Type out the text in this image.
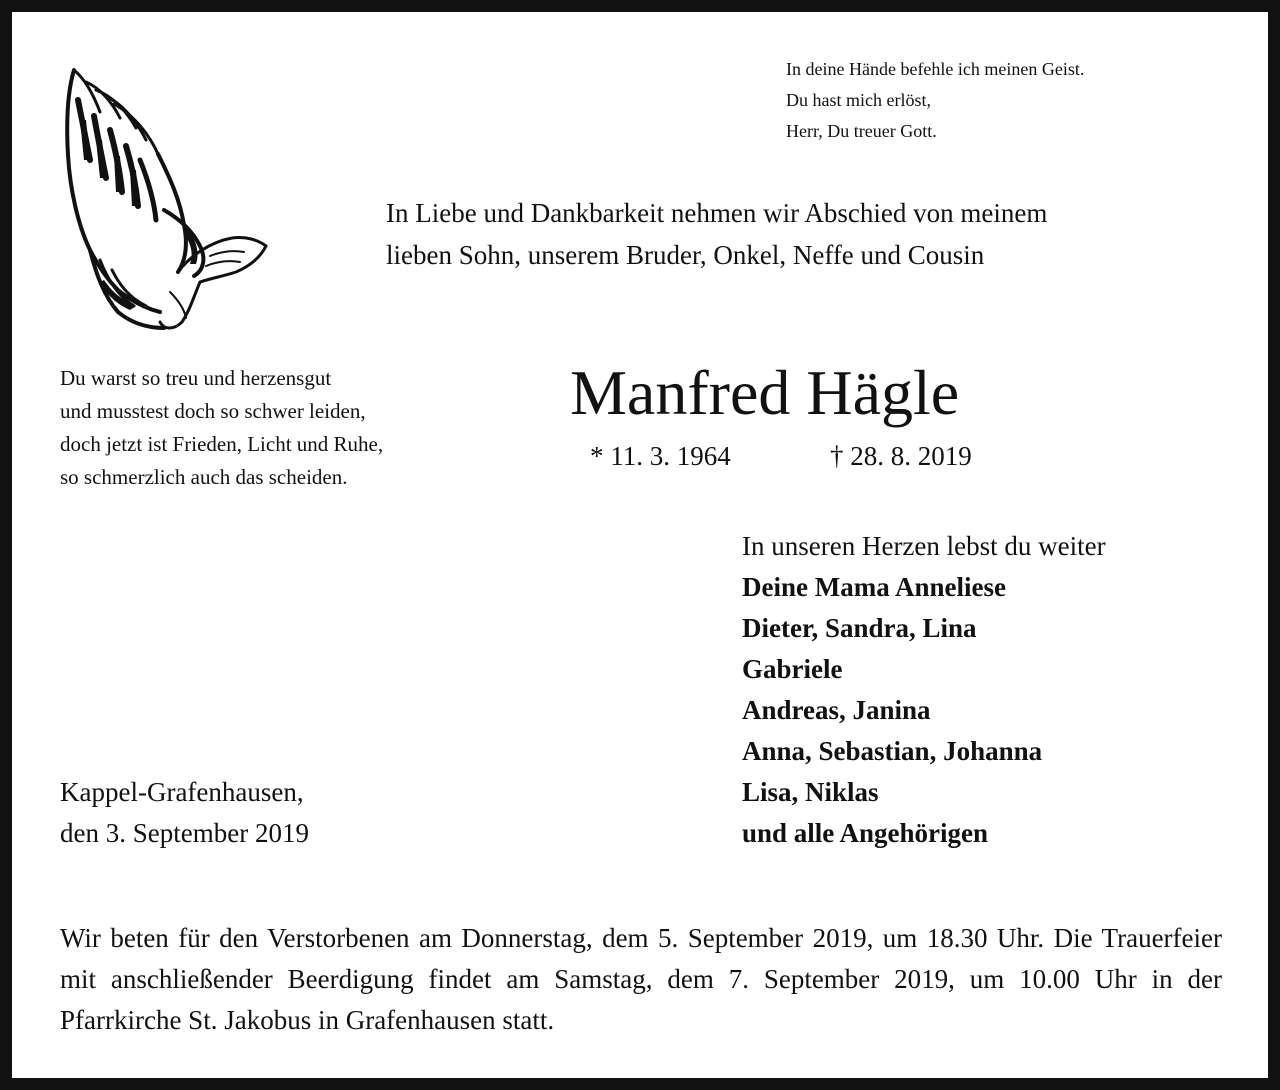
In deine Hände befehle ich meinen Geist.
Du hast mich erlöst,
Herr, Du treuer Gott.
In Liebe und Dankbarkeit nehmen wir Abschied von meinem
lieben Sohn, unserem Bruder, Onkel, Neffe und Cousin
Du warst so treu und herzensgut
und musstest doch so schwer leiden,
doch jetzt ist Frieden, Licht und Ruhe,
so schmerzlich auch das scheiden.
Manfred Hägle
* 11. 3. 1964	† 28. 8. 2019
In unseren Herzen lebst du weiter
Deine Mama Anneliese
Dieter, Sandra, Lina
Gabriele
Andreas, Janina
Anna, Sebastian, Johanna
Lisa, Niklas
und alle Angehörigen
Kappel-Grafenhausen,
den 3. September 2019
Wir beten für den Verstorbenen am Donnerstag, dem 5. September 2019, um 18.30 Uhr. Die Trauerfeier mit anschließender Beerdigung findet am Samstag, dem 7. September 2019, um 10.00 Uhr in der Pfarrkirche St. Jakobus in Grafenhausen statt.
